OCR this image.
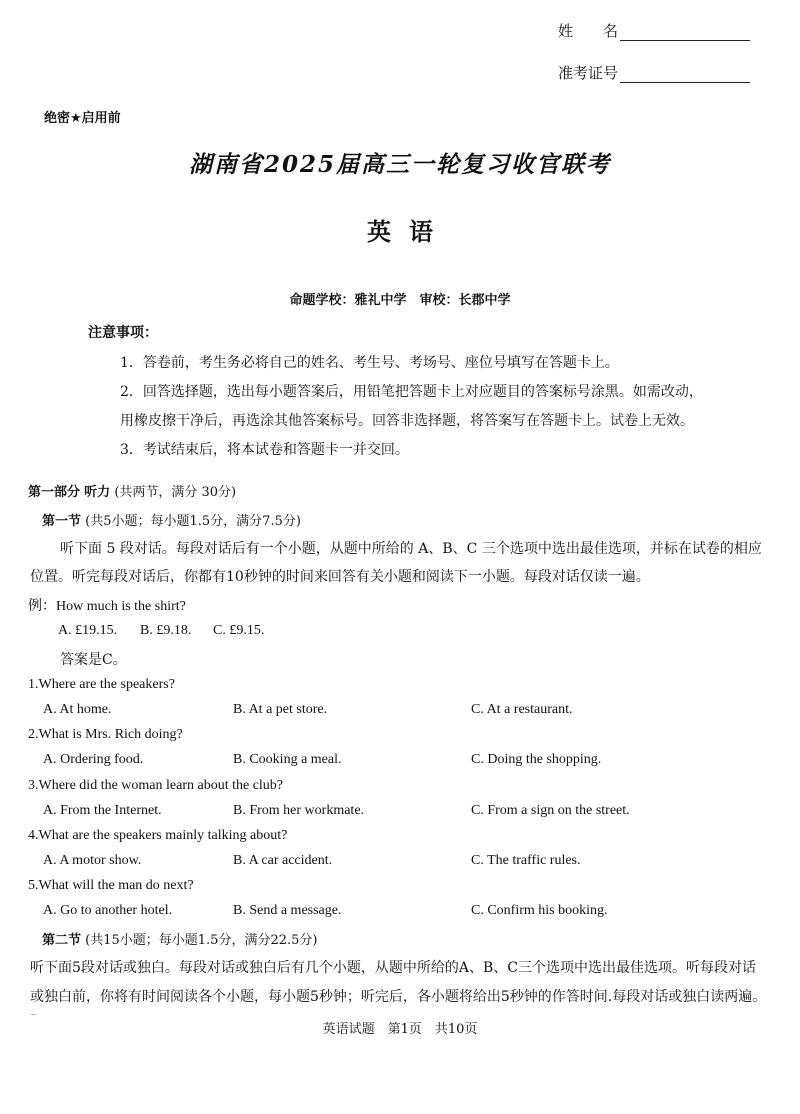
姓　　名
准考证号
绝密★启用前
湖南省2025届高三一轮复习收官联考
英语
命题学校：雅礼中学　审校：长郡中学
注意事项：
1．答卷前，考生务必将自己的姓名、考生号、考场号、座位号填写在答题卡上。
2．回答选择题，选出每小题答案后，用铅笔把答题卡上对应题目的答案标号涂黑。如需改动，
用橡皮擦干净后，再选涂其他答案标号。回答非选择题，将答案写在答题卡上。试卷上无效。
3．考试结束后，将本试卷和答题卡一并交回。
第一部分 听力 (共两节，满分 30分)
第一节 (共5小题；每小题1.5分，满分7.5分)
听下面 5 段对话。每段对话后有一个小题，从题中所给的 A、B、C 三个选项中选出最佳选项，并标在试卷的相应
位置。听完每段对话后，你都有10秒钟的时间来回答有关小题和阅读下一小题。每段对话仅读一遍。
例：How much is the shirt?
A. £19.15. B. £9.18. C. £9.15.
答案是C。
1.Where are the speakers?
A. At home.	B. At a pet store.	C. At a restaurant.
2.What is Mrs. Rich doing?
A. Ordering food.	B. Cooking a meal.	C. Doing the shopping.
3.Where did the woman learn about the club?
A. From the Internet.	B. From her workmate.	C. From a sign on the street.
4.What are the speakers mainly talking about?
A. A motor show.	B. A car accident.	C. The traffic rules.
5.What will the man do next?
A. Go to another hotel.	B. Send a message.	C. Confirm his booking.
第二节 (共15小题；每小题1.5分，满分22.5分)
听下面5段对话或独白。每段对话或独白后有几个小题，从题中所给的A、B、C三个选项中选出最佳选项。听每段对话
或独白前，你将有时间阅读各个小题，每小题5秒钟；听完后，各小题将给出5秒钟的作答时间.每段对话或独白读两遍。
~
英语试题　第1页　共10页
